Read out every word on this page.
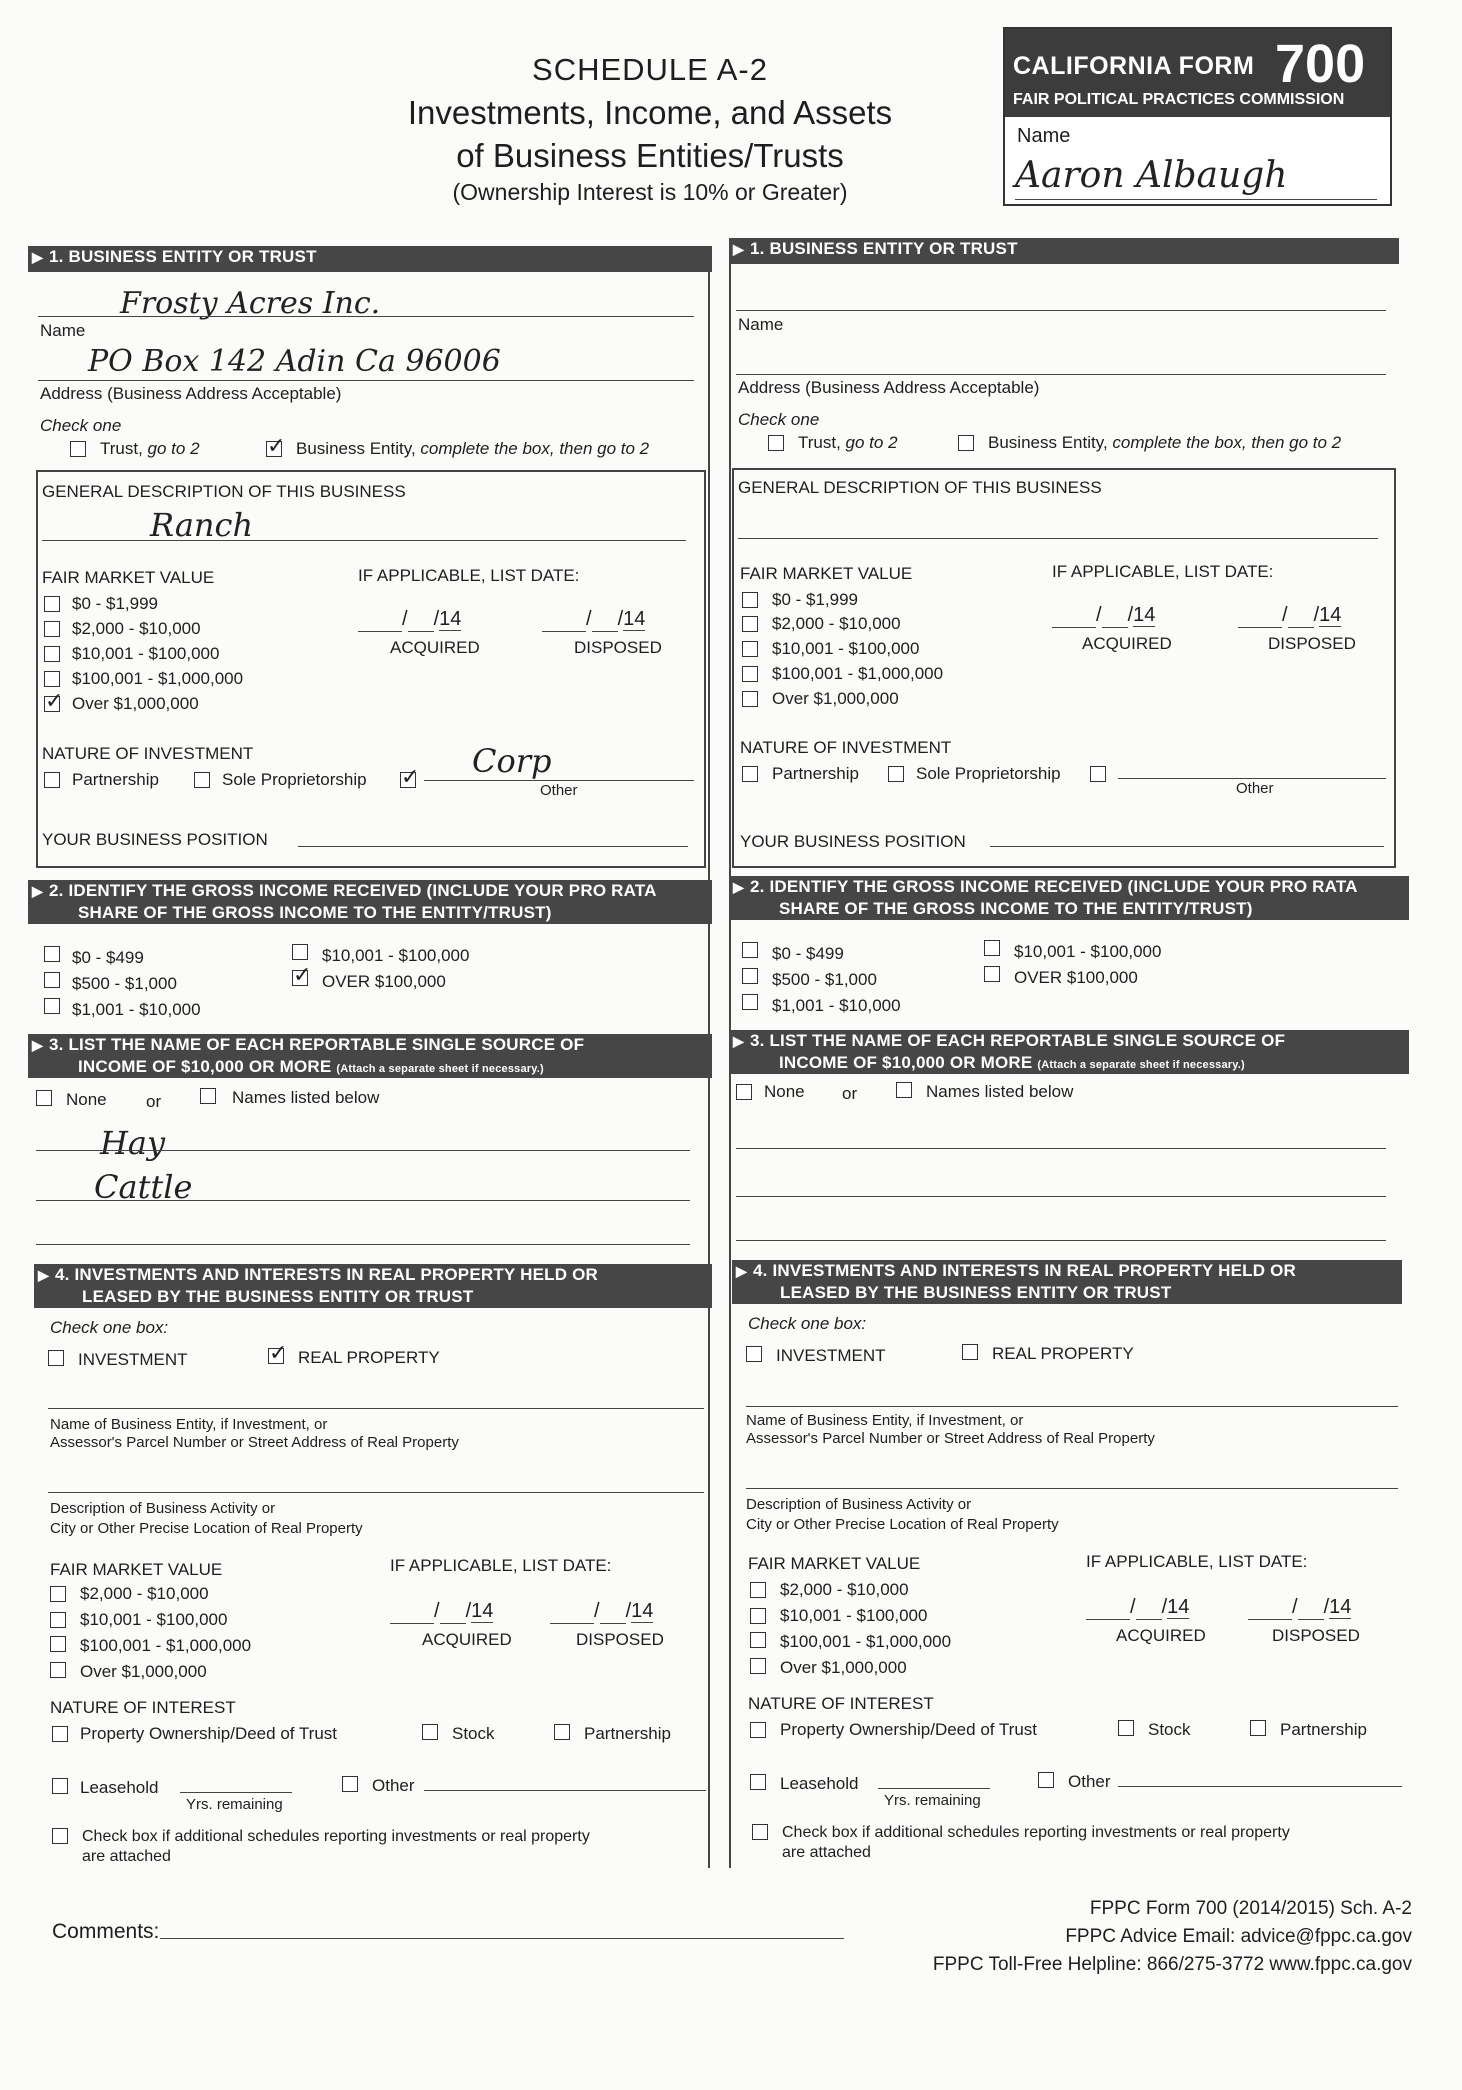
SCHEDULE A-2
Investments, Income, and Assets
of Business Entities/Trusts
(Ownership Interest is 10% or Greater)
CALIFORNIA FORM 700
FAIR POLITICAL PRACTICES COMMISSION
Name
Aaron Albaugh
▶ 1. BUSINESS ENTITY OR TRUST
Frosty Acres Inc.
Name
PO Box 142 Adin Ca 96006
Address (Business Address Acceptable)
Check one
Trust, go to 2 ✓	Business Entity, complete the box, then go to 2
GENERAL DESCRIPTION OF THIS BUSINESS
Ranch
FAIR MARKET VALUE	IF APPLICABLE, LIST DATE:
$0 - $1,999
$2,000 - $10,000
$10,001 - $100,000
$100,001 - $1,000,000
✓
Over $1,000,000
/ /14
ACQUIRED
/ /14
DISPOSED
NATURE OF INVESTMENT
Partnership	Sole Proprietorship ✓	Corp
Other
YOUR BUSINESS POSITION
▶ 2. IDENTIFY THE GROSS INCOME RECEIVED (INCLUDE YOUR PRO RATA
SHARE OF THE GROSS INCOME TO THE ENTITY/TRUST)
$0 - $499
$500 - $1,000
$1,001 - $10,000
$10,001 - $100,000
✓
OVER $100,000
▶ 3. LIST THE NAME OF EACH REPORTABLE SINGLE SOURCE OF
INCOME OF $10,000 OR MORE (Attach a separate sheet if necessary.)
None or	Names listed below
Hay
Cattle
▶ 4. INVESTMENTS AND INTERESTS IN REAL PROPERTY HELD OR
LEASED BY THE BUSINESS ENTITY OR TRUST
Check one box:
INVESTMENT ✓	REAL PROPERTY
Name of Business Entity, if Investment, or
Assessor's Parcel Number or Street Address of Real Property
Description of Business Activity or
City or Other Precise Location of Real Property
FAIR MARKET VALUE	IF APPLICABLE, LIST DATE:
$2,000 - $10,000
$10,001 - $100,000
$100,001 - $1,000,000
Over $1,000,000
/ /14
ACQUIRED
/ /14
DISPOSED
NATURE OF INTEREST
Property Ownership/Deed of Trust	Stock	Partnership
Leasehold
Yrs. remaining
Other
Check box if additional schedules reporting investments or real property
are attached
▶ 1. BUSINESS ENTITY OR TRUST
Name
Address (Business Address Acceptable)
Check one
Trust, go to 2	Business Entity, complete the box, then go to 2
GENERAL DESCRIPTION OF THIS BUSINESS
FAIR MARKET VALUE	IF APPLICABLE, LIST DATE:
$0 - $1,999
$2,000 - $10,000
$10,001 - $100,000
$100,001 - $1,000,000
Over $1,000,000
/ /14
ACQUIRED
/ /14
DISPOSED
NATURE OF INVESTMENT
Partnership	Sole Proprietorship
Other
YOUR BUSINESS POSITION
▶ 2. IDENTIFY THE GROSS INCOME RECEIVED (INCLUDE YOUR PRO RATA
SHARE OF THE GROSS INCOME TO THE ENTITY/TRUST)
$0 - $499
$500 - $1,000
$1,001 - $10,000
$10,001 - $100,000
OVER $100,000
▶ 3. LIST THE NAME OF EACH REPORTABLE SINGLE SOURCE OF
INCOME OF $10,000 OR MORE (Attach a separate sheet if necessary.)
None or	Names listed below
▶ 4. INVESTMENTS AND INTERESTS IN REAL PROPERTY HELD OR
LEASED BY THE BUSINESS ENTITY OR TRUST
Check one box:
INVESTMENT	REAL PROPERTY
Name of Business Entity, if Investment, or
Assessor's Parcel Number or Street Address of Real Property
Description of Business Activity or
City or Other Precise Location of Real Property
FAIR MARKET VALUE	IF APPLICABLE, LIST DATE:
$2,000 - $10,000
$10,001 - $100,000
$100,001 - $1,000,000
Over $1,000,000
/ /14
ACQUIRED
/ /14
DISPOSED
NATURE OF INTEREST
Property Ownership/Deed of Trust	Stock	Partnership
Leasehold
Yrs. remaining
Other
Check box if additional schedules reporting investments or real property
are attached
Comments:
FPPC Form 700 (2014/2015) Sch. A-2
FPPC Advice Email: advice@fppc.ca.gov
FPPC Toll-Free Helpline: 866/275-3772 www.fppc.ca.gov
